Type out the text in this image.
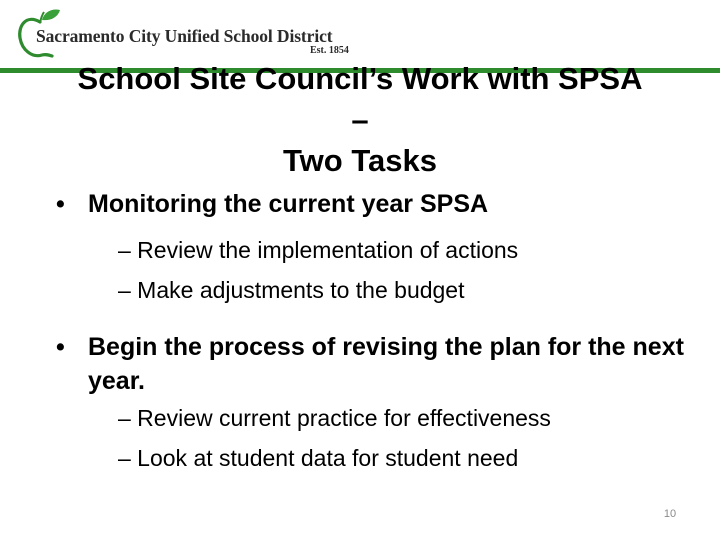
Sacramento City Unified School District
Est. 1854
School Site Council’s Work with SPSA
–
Two Tasks
• Monitoring the current year SPSA
– Review the implementation of actions
– Make adjustments to the budget
• Begin the process of revising the plan for the next year.
– Review current practice for effectiveness
– Look at student data for student need
10
